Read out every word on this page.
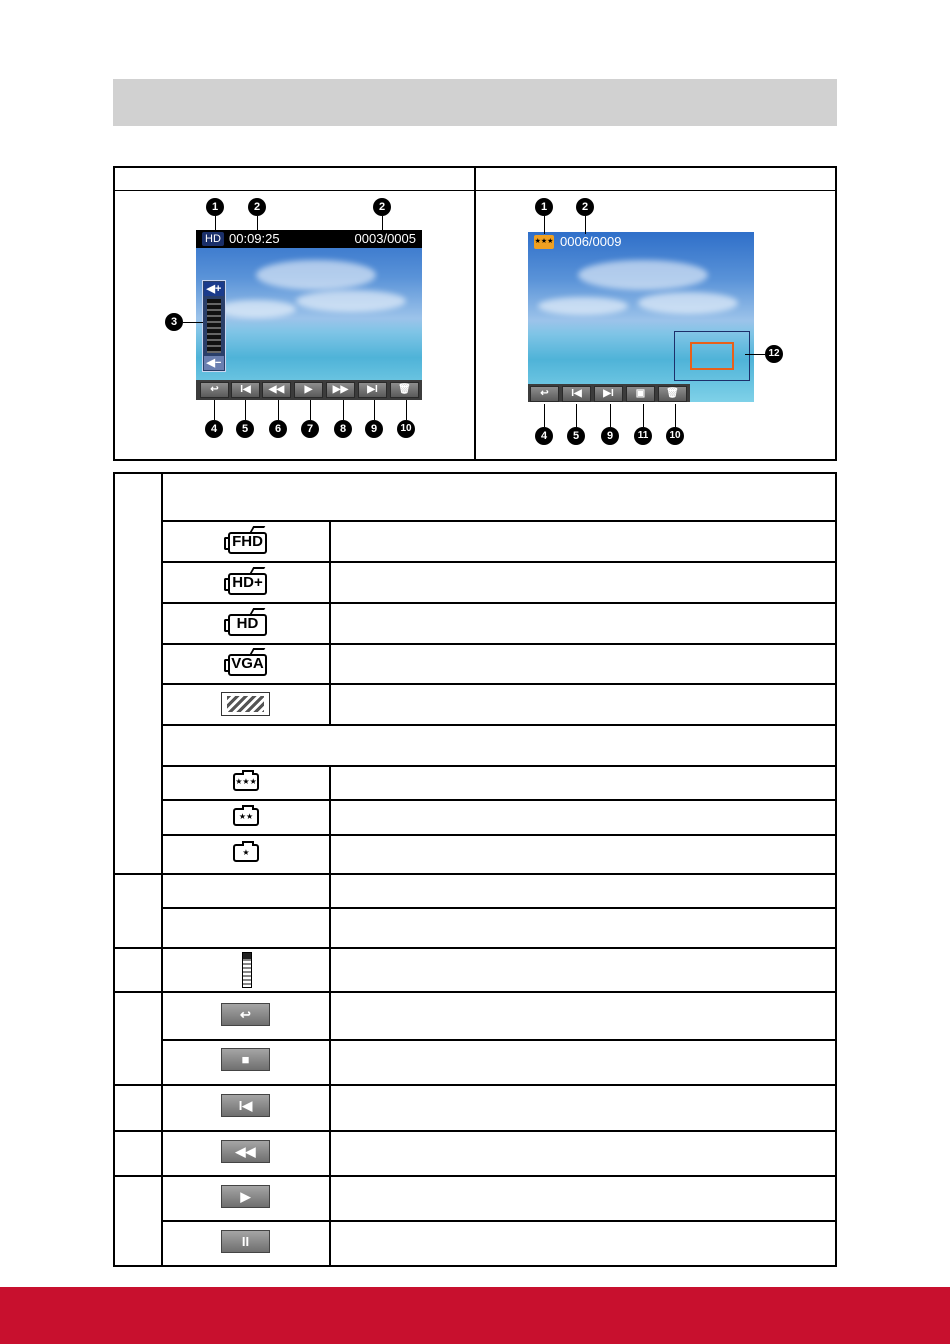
HD 00:09:25	0003/0005
◀+
◀−
↩	I◀	◀◀	▶	▶▶	▶I	🗑
1	2	2
3
4	5	6	7	8	9	10
★★★ 0006/0009
↩	I◀	▶I	▣	🗑
1	2
12
4	5	9	11	10
FHD
HD+
HD
VGA
★★★
★★
★
↩
■
I◀
◀◀
▶
II
